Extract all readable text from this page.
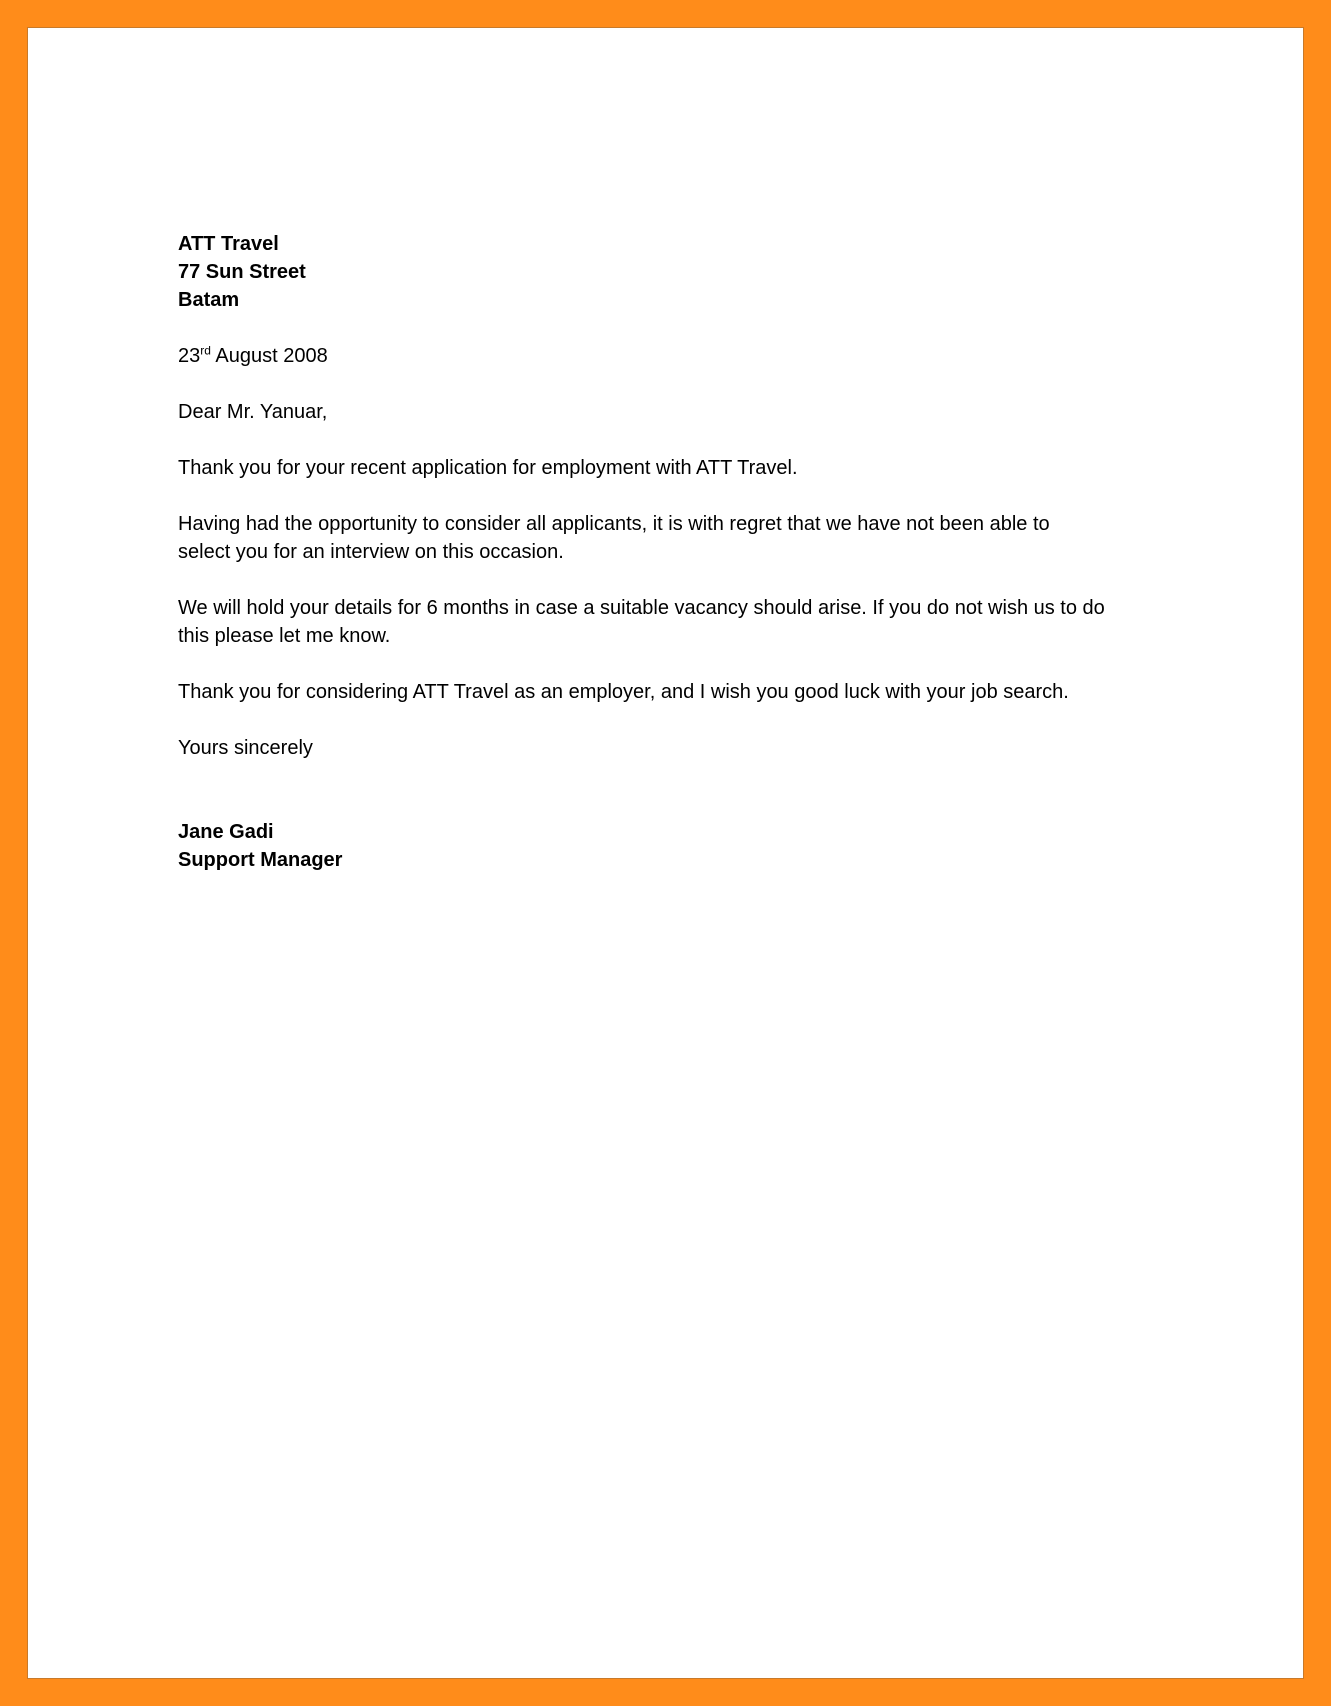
ATT Travel
77 Sun Street
Batam
23rd August 2008
Dear Mr. Yanuar,
Thank you for your recent application for employment with ATT Travel.
Having had the opportunity to consider all applicants, it is with regret that we have not been able to
select you for an interview on this occasion.
We will hold your details for 6 months in case a suitable vacancy should arise. If you do not wish us to do
this please let me know.
Thank you for considering ATT Travel as an employer, and I wish you good luck with your job search.
Yours sincerely
Jane Gadi
Support Manager
